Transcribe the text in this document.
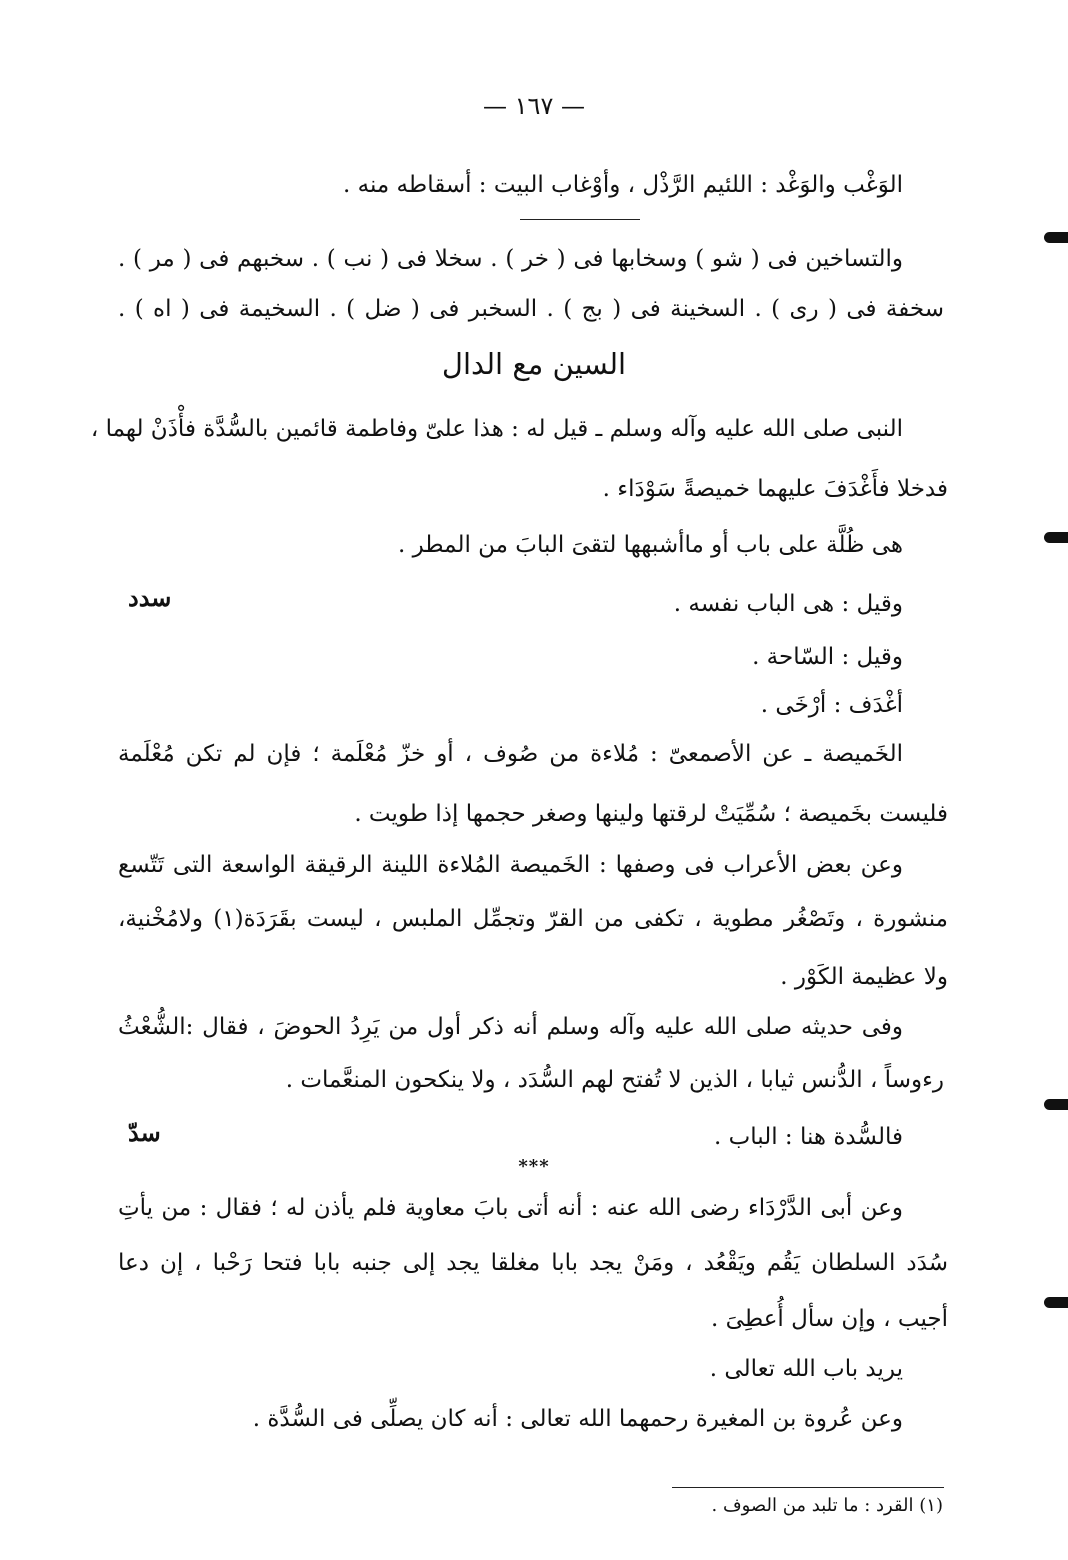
— ١٦٧ —
الوَغْب والوَغْد : اللئيم الرَّذْل ، وأوْغاب البيت : أسقاطه منه .
والتساخين فى ( شو ) وسخابها فى ( خر ) . سخلا فى ( نب ) . سخبهم فى ( مر ) .
سخفة فى ( رى ) . السخينة فى ( بج ) . السخبر فى ( ضل ) . السخيمة فى ( اه ) .
السين مع الدال
النبى صلى الله عليه وآله وسلم ـ قيل له : هذا علىّ وفاطمة قائمين بالسُّدَّة فأْذَنْ لهما ،
فدخلا فأَغْدَفَ عليهما خميصةً سَوْدَاء .
هى ظُلَّة على باب أو ماأشبهها لتقىَ البابَ من المطر .
وقيل : هى الباب نفسه .
وقيل : السّاحة .
أغْدَف : أرْخَى .
الخَميصة ـ عن الأصمعىّ : مُلاءة من صُوف ، أو خزّ مُعْلَمة ؛ فإن لم تكن مُعْلَمة
فليست بخَميصة ؛ سُمِّيَتْ لرقتها ولينها وصغر حجمها إذا طويت .
وعن بعض الأعراب فى وصفها : الخَميصة المُلاءة اللينة الرقيقة الواسعة التى تَتّسع
منشورة ، وتَصْغُر مطوية ، تكفى من القرّ وتجمِّل الملبس ، ليست بقَرَدَة(١) ولامُخْنية،
ولا عظيمة الكَوْر .
وفى حديثه صلى الله عليه وآله وسلم أنه ذكر أول من يَرِدُ الحوضَ ، فقال :الشُّعْثُ
رءوساً ، الدُّنس ثيابا ، الذين لا تُفتح لهم السُّدَد ، ولا ينكحون المنعَّمات .
فالسُّدة هنا : الباب .
***
وعن أبى الدَّرْدَاء رضى الله عنه : أنه أتى بابَ معاوية فلم يأذن له ؛ فقال : من يأتِ
سُدَد السلطان يَقُم ويَقْعُد ، ومَنْ يجد بابا مغلقا يجد إلى جنبه بابا فتحا رَحْبا ، إن دعا
أجيب ، وإن سأل أُعطِىَ .
يريد باب الله تعالى .
وعن عُروة بن المغيرة رحمهما الله تعالى : أنه كان يصلِّى فى السُّدَّة .
سدد
سدّ
(١) القرد : ما تلبد من الصوف .
